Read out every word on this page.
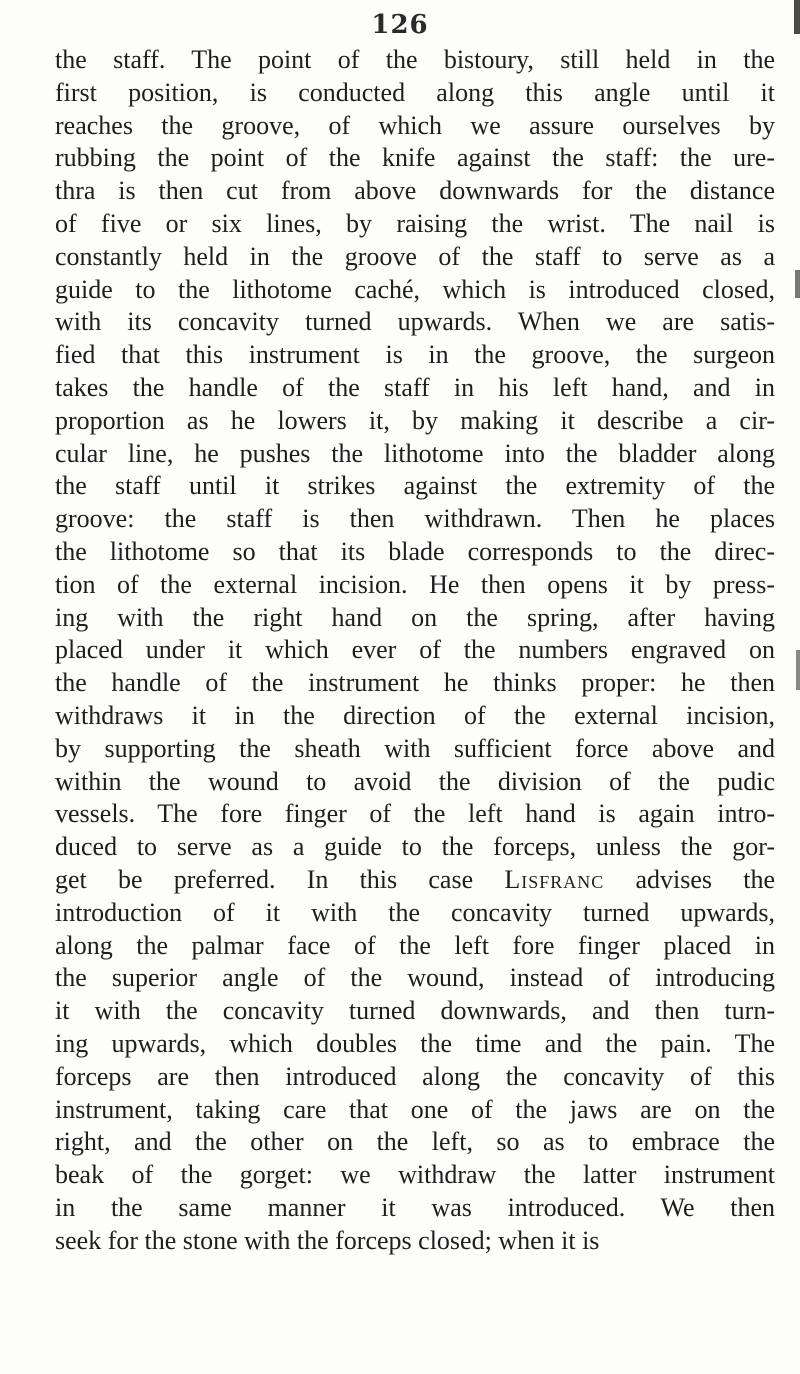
126
the staff. The point of the bistoury, still held in the
first position, is conducted along this angle until it
reaches the groove, of which we assure ourselves by
rubbing the point of the knife against the staff: the ure-
thra is then cut from above downwards for the distance
of five or six lines, by raising the wrist. The nail is
constantly held in the groove of the staff to serve as a
guide to the lithotome caché, which is introduced closed,
with its concavity turned upwards. When we are satis-
fied that this instrument is in the groove, the surgeon
takes the handle of the staff in his left hand, and in
proportion as he lowers it, by making it describe a cir-
cular line, he pushes the lithotome into the bladder along
the staff until it strikes against the extremity of the
groove: the staff is then withdrawn. Then he places
the lithotome so that its blade corresponds to the direc-
tion of the external incision. He then opens it by press-
ing with the right hand on the spring, after having
placed under it which ever of the numbers engraved on
the handle of the instrument he thinks proper: he then
withdraws it in the direction of the external incision,
by supporting the sheath with sufficient force above and
within the wound to avoid the division of the pudic
vessels. The fore finger of the left hand is again intro-
duced to serve as a guide to the forceps, unless the gor-
get be preferred. In this case Lisfranc advises the
introduction of it with the concavity turned upwards,
along the palmar face of the left fore finger placed in
the superior angle of the wound, instead of introducing
it with the concavity turned downwards, and then turn-
ing upwards, which doubles the time and the pain. The
forceps are then introduced along the concavity of this
instrument, taking care that one of the jaws are on the
right, and the other on the left, so as to embrace the
beak of the gorget: we withdraw the latter instrument
in the same manner it was introduced. We then
seek for the stone with the forceps closed; when it is
